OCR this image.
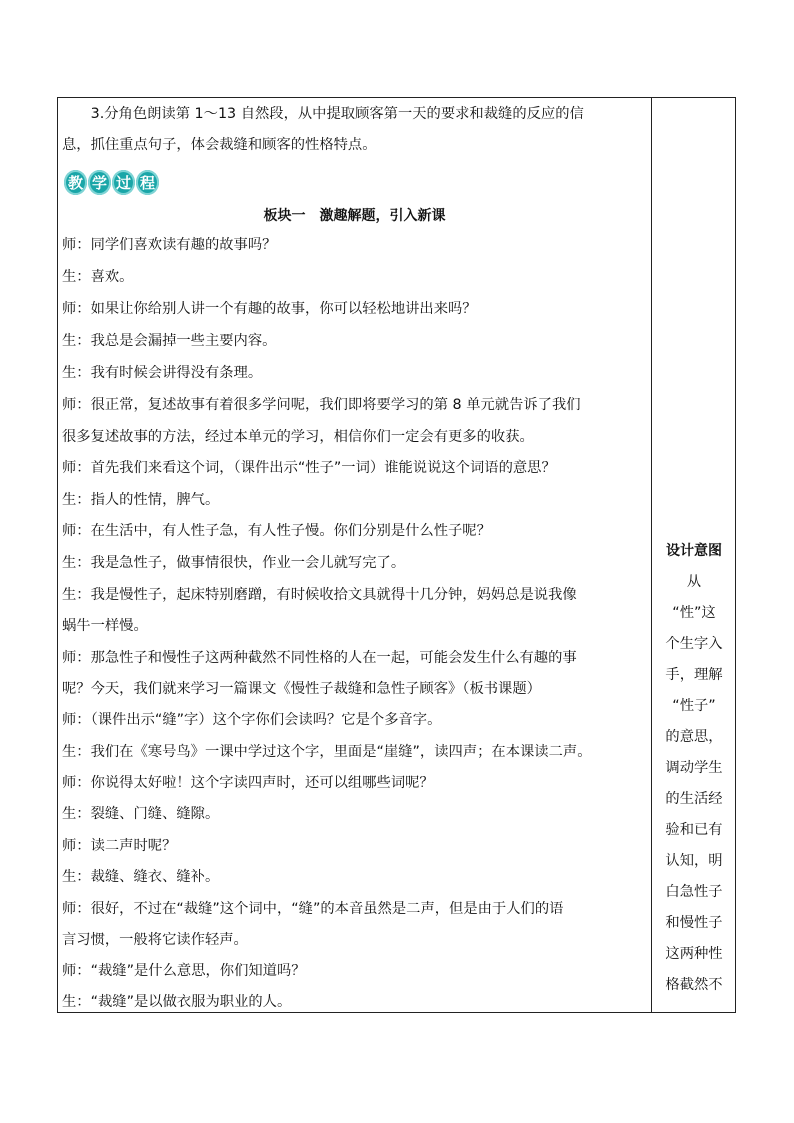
　　3.分角色朗读第 1～13 自然段，从中提取顾客第一天的要求和裁缝的反应的信
息，抓住重点句子，体会裁缝和顾客的性格特点。
教 学 过 程
板块一　激趣解题，引入新课
师：同学们喜欢读有趣的故事吗？
生：喜欢。
师：如果让你给别人讲一个有趣的故事，你可以轻松地讲出来吗？
生：我总是会漏掉一些主要内容。
生：我有时候会讲得没有条理。
师：很正常，复述故事有着很多学问呢，我们即将要学习的第 8 单元就告诉了我们
很多复述故事的方法，经过本单元的学习，相信你们一定会有更多的收获。
师：首先我们来看这个词，（课件出示“性子”一词）谁能说说这个词语的意思？
生：指人的性情，脾气。
师：在生活中，有人性子急，有人性子慢。你们分别是什么性子呢？
生：我是急性子，做事情很快，作业一会儿就写完了。
生：我是慢性子，起床特别磨蹭，有时候收拾文具就得十几分钟，妈妈总是说我像
蜗牛一样慢。
师：那急性子和慢性子这两种截然不同性格的人在一起，可能会发生什么有趣的事
呢？今天，我们就来学习一篇课文《慢性子裁缝和急性子顾客》（板书课题）
师：（课件出示“缝”字）这个字你们会读吗？它是个多音字。
生：我们在《寒号鸟》一课中学过这个字，里面是“崖缝”，读四声；在本课读二声。
师：你说得太好啦！这个字读四声时，还可以组哪些词呢？
生：裂缝、门缝、缝隙。
师：读二声时呢？
生：裁缝、缝衣、缝补。
师：很好，不过在“裁缝”这个词中，“缝”的本音虽然是二声，但是由于人们的语
言习惯，一般将它读作轻声。
师：“裁缝”是什么意思，你们知道吗？
生：“裁缝”是以做衣服为职业的人。
设计意图
从
“性”这
个生字入
手，理解
“性子”
的意思，
调动学生
的生活经
验和已有
认知，明
白急性子
和慢性子
这两种性
格截然不
